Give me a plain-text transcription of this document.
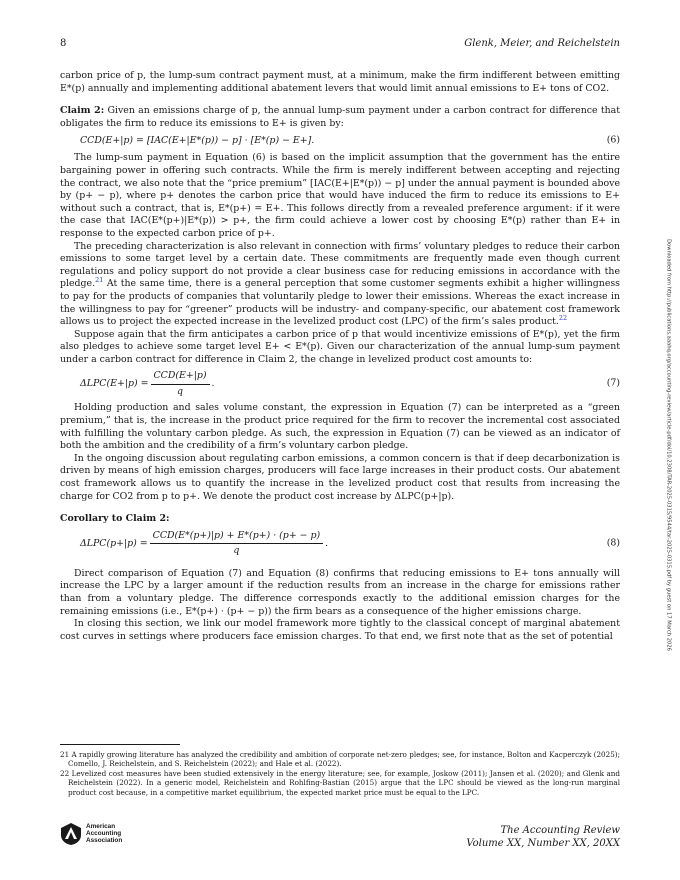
8	Glenk, Meier, and Reichelstein
Downloaded from http://publications.aaahq.org/accounting-review/article-pdf/doi/10.2308/TAR-2025-0315/9544/tar-2025-0315.pdf by guest on 17 March 2026

carbon price of p, the lump-sum contract payment must, at a minimum, make the firm indifferent between emitting E*(p) annually and implementing additional abatement levers that would limit annual emissions to E+ tons of CO2.

Claim 2: Given an emissions charge of p, the annual lump-sum payment under a carbon contract for difference that obligates the firm to reduce its emissions to E+ is given by:

CCD(E+|p) = [IAC(E+|E*(p)) − p] · [E*(p) − E+].	(6)

The lump-sum payment in Equation (6) is based on the implicit assumption that the government has the entire bargaining power in offering such contracts. While the firm is merely indifferent between accepting and rejecting the contract, we also note that the “price premium” [IAC(E+|E*(p)) − p] under the annual payment is bounded above by (p+ − p), where p+ denotes the carbon price that would have induced the firm to reduce its emissions to E+ without such a contract, that is, E*(p+) = E+. This follows directly from a revealed preference argument: if it were the case that IAC(E*(p+)|E*(p)) > p+, the firm could achieve a lower cost by choosing E*(p) rather than E+ in response to the expected carbon price of p+.

The preceding characterization is also relevant in connection with firms’ voluntary pledges to reduce their carbon emissions to some target level by a certain date. These commitments are frequently made even though current regulations and policy support do not provide a clear business case for reducing emissions in accordance with the pledge.$^{21}$ At the same time, there is a general perception that some customer segments exhibit a higher willingness to pay for the products of companies that voluntarily pledge to lower their emissions. Whereas the exact increase in the willingness to pay for “greener” products will be industry- and company-specific, our abatement cost framework allows us to project the expected increase in the levelized product cost (LPC) of the firm’s sales product.$^{22}$

Suppose again that the firm anticipates a carbon price of p that would incentivize emissions of E*(p), yet the firm also pledges to achieve some target level E+ < E*(p). Given our characterization of the annual lump-sum payment under a carbon contract for difference in Claim 2, the change in levelized product cost amounts to:

ΔLPC(E+|p) =
CCD(E+|p)
q
.	(7)

Holding production and sales volume constant, the expression in Equation (7) can be interpreted as a “green premium,” that is, the increase in the product price required for the firm to recover the incremental cost associated with fulfilling the voluntary carbon pledge. As such, the expression in Equation (7) can be viewed as an indicator of both the ambition and the credibility of a firm’s voluntary carbon pledge.

In the ongoing discussion about regulating carbon emissions, a common concern is that if deep decarbonization is driven by means of high emission charges, producers will face large increases in their product costs. Our abatement cost framework allows us to quantify the increase in the levelized product cost that results from increasing the charge for CO2 from p to p+. We denote the product cost increase by ΔLPC(p+|p).

Corollary to Claim 2:

ΔLPC(p+|p) =
CCD(E*(p+)|p) + E*(p+) · (p+ − p)
q
.	(8)

Direct comparison of Equation (7) and Equation (8) confirms that reducing emissions to E+ tons annually will increase the LPC by a larger amount if the reduction results from an increase in the charge for emissions rather than from a voluntary pledge. The difference corresponds exactly to the additional emission charges for the remaining emissions (i.e., E*(p+) · (p+ − p)) the firm bears as a consequence of the higher emissions charge.

In closing this section, we link our model framework more tightly to the classical concept of marginal abatement cost curves in settings where producers face emission charges. To that end, we first note that as the set of potential

21 A rapidly growing literature has analyzed the credibility and ambition of corporate net-zero pledges; see, for instance, Bolton and Kacperczyk (2025); Comello, J. Reichelstein, and S. Reichelstein (2022); and Hale et al. (2022).

22 Levelized cost measures have been studied extensively in the energy literature; see, for example, Joskow (2011); Jansen et al. (2020); and Glenk and Reichelstein (2022). In a generic model, Reichelstein and Rohlfing-Bastian (2015) argue that the LPC should be viewed as the long-run marginal product cost because, in a competitive market equilibrium, the expected market price must be equal to the LPC.

American
Accounting
Association
The Accounting Review
Volume XX, Number XX, 20XX
